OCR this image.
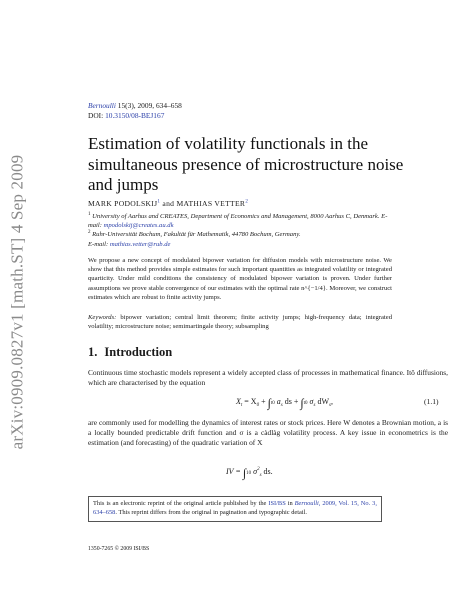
arXiv:0909.0827v1 [math.ST] 4 Sep 2009
Bernoulli 15(3), 2009, 634–658
DOI: 10.3150/08-BEJ167
Estimation of volatility functionals in the simultaneous presence of microstructure noise and jumps
MARK PODOLSKIJ$^1$ and MATHIAS VETTER$^2$
$^1$ University of Aarhus and CREATES, Department of Economics and Management, 8000 Aarhus C, Denmark. E-mail: mpodolskij@creates.au.dk
$^2$ Ruhr-Universität Bochum, Fakultät für Mathematik, 44780 Bochum, Germany.
E-mail: mathias.vetter@rub.de
We propose a new concept of modulated bipower variation for diffusion models with microstructure noise. We show that this method provides simple estimates for such important quantities as integrated volatility or integrated quarticity. Under mild conditions the consistency of modulated bipower variation is proven. Under further assumptions we prove stable convergence of our estimates with the optimal rate n^{−1/4}. Moreover, we construct estimates which are robust to finite activity jumps.
Keywords: bipower variation; central limit theorem; finite activity jumps; high-frequency data; integrated volatility; microstructure noise; semimartingale theory; subsampling
1. Introduction
Continuous time stochastic models represent a widely accepted class of processes in mathematical finance. Itô diffusions, which are characterised by the equation
$X_t = X_0 + \int t0$ $a_s$ ds + ∫t0 $\sigma_s$ $dW_s$,	(1.1)
are commonly used for modelling the dynamics of interest rates or stock prices. Here W denotes a Brownian motion, a is a locally bounded predictable drift function and σ is a càdlàg volatility process. A key issue in econometrics is the estimation (and forecasting) of the quadratic variation of X
IV = ∫10 $\sigma^2_s$ ds.
This is an electronic reprint of the original article published by the ISI/BS in Bernoulli, 2009, Vol. 15, No. 3, 634–658. This reprint differs from the original in pagination and typographic detail.
1350-7265 © 2009 ISI/BS
